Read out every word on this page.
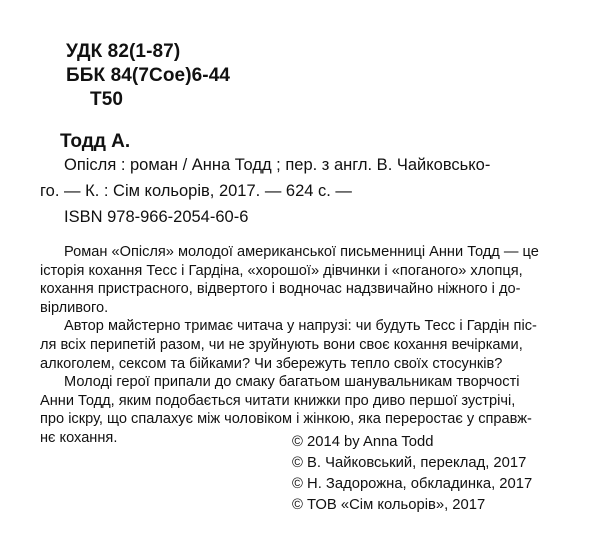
УДК 82(1-87)
ББК 84(7Сое)6-44
Т50
Тодд А.
Опісля : роман / Анна Тодд ; пер. з англ. В. Чайковсько-
го. — К. : Сім кольорів, 2017. — 624 с. —
ISBN 978-966-2054-60-6
Роман «Опісля» молодої американської письменниці Анни Тодд — це
історія кохання Тесс і Гардіна, «хорошої» дівчинки і «поганого» хлопця,
кохання пристрасного, відвертого і водночас надзвичайно ніжного і до-
вірливого.
Автор майстерно тримає читача у напрузі: чи будуть Тесс і Гардін піс-
ля всіх перипетій разом, чи не зруйнують вони своє кохання вечірками,
алкоголем, сексом та бійками? Чи збережуть тепло своїх стосунків?
Молоді герої припали до смаку багатьом шанувальникам творчості
Анни Тодд, яким подобається читати книжки про диво першої зустрічі,
про іскру, що спалахує між чоловіком і жінкою, яка переростає у справж-
нє кохання.	© 2014 by Anna Todd
© В. Чайковський, переклад, 2017
© Н. Задорожна, обкладинка, 2017
© ТОВ «Сім кольорів», 2017
